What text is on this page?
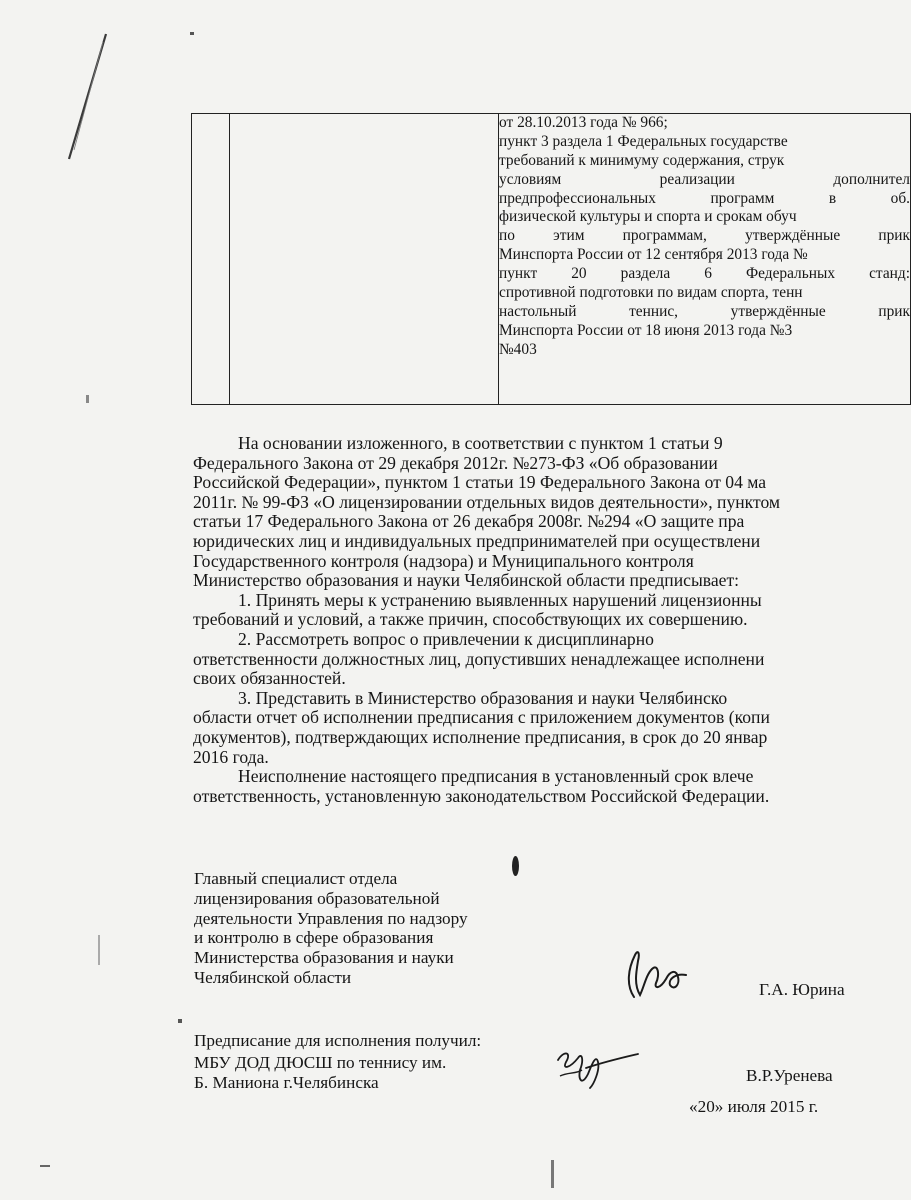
от 28.10.2013 года № 966;
пункт 3 раздела 1 Федеральных государстве
требований к минимуму содержания, струк
условиям реализации дополнител
предпрофессиональных программ в об.
физической культуры и спорта и срокам обуч
по этим программам, утверждённые прик
Минспорта России от 12 сентября 2013 года №
пункт 20 раздела 6 Федеральных станд:
спротивной подготовки по видам спорта, тенн
настольный теннис, утверждённые прик
Минспорта России от 18 июня 2013 года №3
№403
На основании изложенного, в соответствии с пунктом 1 статьи 9
Федерального Закона от 29 декабря 2012г. №273-ФЗ «Об образовании
Российской Федерации», пунктом 1 статьи 19 Федерального Закона от 04 ма
2011г. № 99-ФЗ «О лицензировании отдельных видов деятельности», пунктом
статьи 17 Федерального Закона от 26 декабря 2008г. №294 «О защите пра
юридических лиц и индивидуальных предпринимателей при осуществлени
Государственного контроля (надзора) и Муниципального контроля
Министерство образования и науки Челябинской области предписывает:
1. Принять меры к устранению выявленных нарушений лицензионны
требований и условий, а также причин, способствующих их совершению.
2. Рассмотреть вопрос о привлечении к дисциплинарно
ответственности должностных лиц, допустивших ненадлежащее исполнени
своих обязанностей.
3. Представить в Министерство образования и науки Челябинско
области отчет об исполнении предписания с приложением документов (копи
документов), подтверждающих исполнение предписания, в срок до 20 январ
2016 года.
Неисполнение настоящего предписания в установленный срок влече
ответственность, установленную законодательством Российской Федерации.
Главный специалист отдела
лицензирования образовательной
деятельности Управления по надзору
и контролю в сфере образования
Министерства образования и науки
Челябинской области
Г.А. Юрина
Предписание для исполнения получил:
МБУ ДОД ДЮСШ по теннису им.
Б. Маниона г.Челябинска	В.Р.Уренева
«20» июля 2015 г.
